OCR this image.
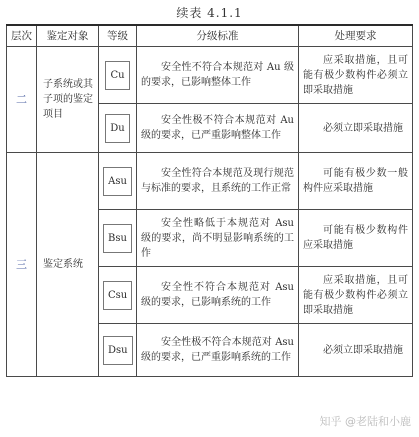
续表 4.1.1
层次	鉴定对象	等级	分级标准	处理要求
二	子系统或其子项的鉴定项目	Cu	安全性不符合本规范对 Au 级的要求，已影响整体工作	应采取措施，且可能有极少数构件必须立即采取措施
		Du	安全性极不符合本规范对 Au 级的要求，已严重影响整体工作	必须立即采取措施
三	鉴定系统	Asu	安全性符合本规范及现行规范与标准的要求，且系统的工作正常	可能有极少数一般构件应采取措施
		Bsu	安全性略低于本规范对 Asu 级的要求，尚不明显影响系统的工作	可能有极少数构件应采取措施
		Csu	安全性不符合本规范对 Asu 级的要求，已影响系统的工作	应采取措施，且可能有极少数构件必须立即采取措施
		Dsu	安全性极不符合本规范对 Asu 级的要求，已严重影响系统的工作	必须立即采取措施
知乎 @老陆和小鹿
